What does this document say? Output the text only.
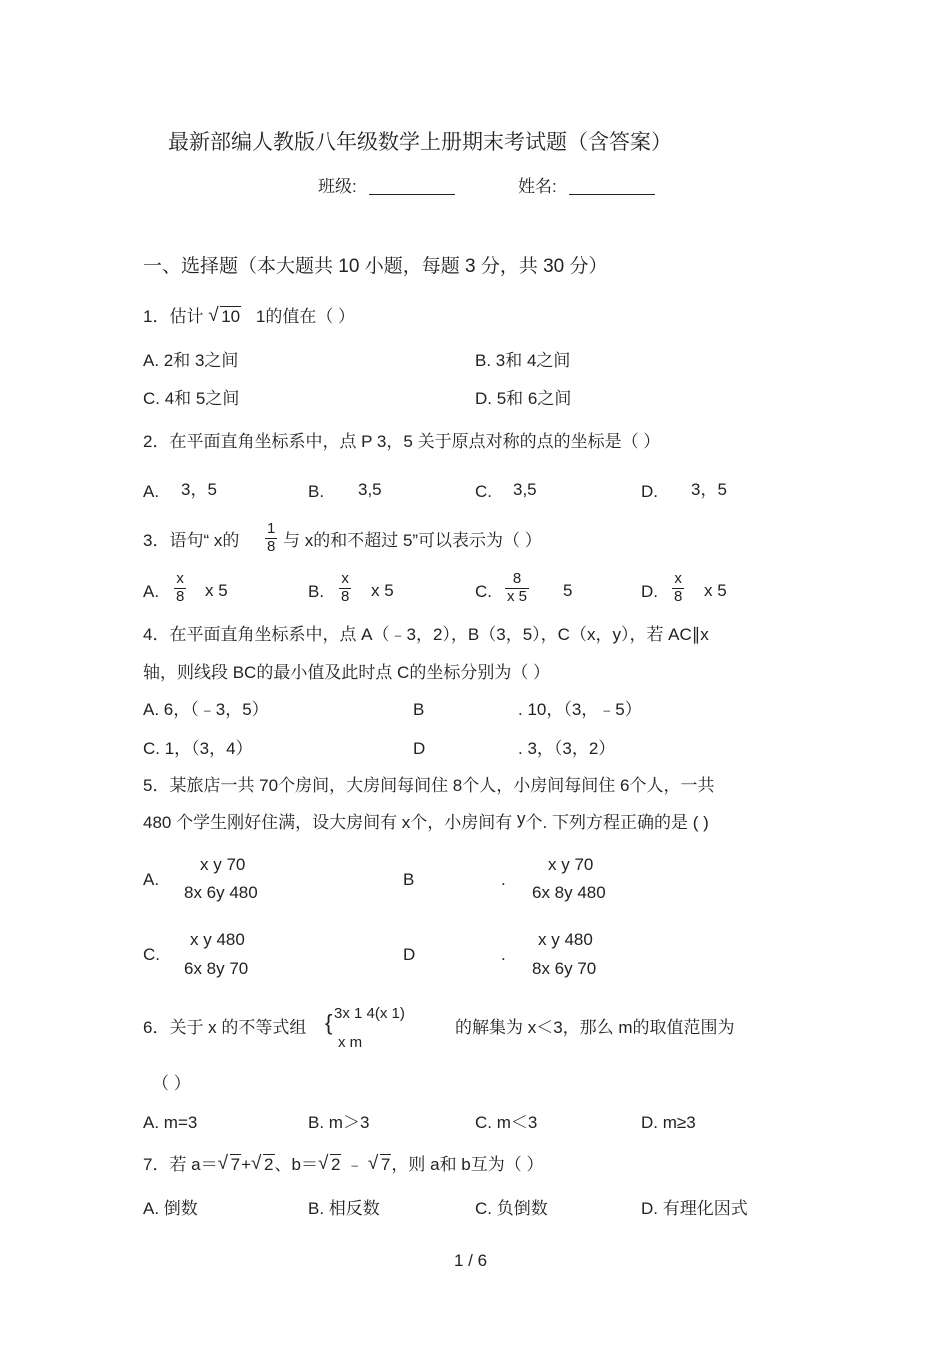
最新部编人教版八年级数学上册期末考试题（含答案）
班级:	姓名:
一、选择题（本大题共 10 小题，每题 3 分，共 30 分）
1．估计 √ 10 1的值在（ ）
A. 2和 3之间	B. 3和 4之间
C. 4和 5之间	D. 5和 6之间
2．在平面直角坐标系中，点 P 3，5 关于原点对称的点的坐标是（ ）
A. 3，5	B. 3,5	C. 3,5	D. 3，5
3．语句“ x的 $\frac{1}{8}$ 与 x的和不超过 5”可以表示为（ ）
A. $\frac{x}{8}$ x 5	B. $\frac{x}{8}$ x 5	C. $\frac{8}{x 5} 5$	D. $\frac{x}{8}$ x 5
4．在平面直角坐标系中，点 A（﹣3，2），B（3，5），C（x，y），若 AC∥x
轴，则线段 BC的最小值及此时点 C的坐标分别为（ ）
A. 6，（﹣3，5）	B	. 10，（3，﹣5）
C. 1，（3，4）	D	. 3，（3，2）
5．某旅店一共 70个房间，大房间每间住 8个人，小房间每间住 6个人，一共
480 个学生刚好住满，设大房间有 x个，小房间有 y个. 下列方程正确的是 ( )
A.
x y 70
8x 6y 480
B	.
x y 70
6x 8y 480
C.
x y 480
6x 8y 70
D	.
x y 480
8x 6y 70
6．关于 x 的不等式组 { 3x 1 4(x 1)
x m
的解集为 x＜3，那么 m的取值范围为
（ ）
A. m=3	B. m＞3	C. m＜3	D. m≥3
7．若 a＝ √ 7+ √ 2、b＝ √ 2 ﹣ √ 7，则 a和 b互为（ ）
A. 倒数	B. 相反数	C. 负倒数	D. 有理化因式
1 / 6
